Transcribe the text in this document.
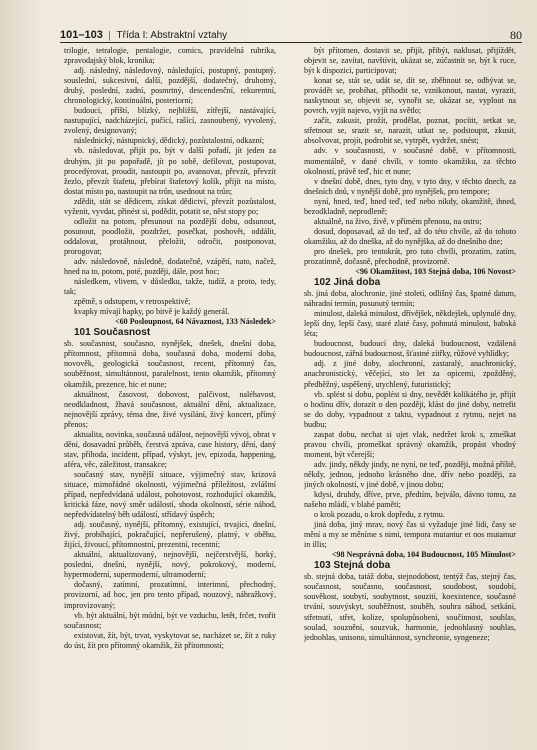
101–103 | Třída I: Abstraktní vztahy	80

trilogie, tetralogie, pentalogie, comics, pravidelná rubrika, zpravodajský blok, kronika;

adj. následný, následovný, následující, postupný, postupný, souslední, sukcesivní, další, pozdější, dodatečný, druhotný, druhý, poslední, zadní, posmrtný, descendenční, rekurentní, chronologický, kontinuální, posteriorní;

budoucí, příští, blízký, nejbližší, zítřejší, nastávající, nastupující, nadcházející, pučící, rašící, zasnoubený, vyvolený, zvolený, designovaný;

následnický, nástupnický, dědický, pozůstalostní, odkazní;

vb. následovat, přijít po, být v další pořadí, jít jeden za druhým, jít po popořadě, jít po sobě, defilovat, postupovat, procedýrovat, proudit, nastoupit po, avansovat, převzít, převzít žezlo, převzít štafetu, přebírat štafetový kolík, přijít na místo, dostat místo po, nastoupit na trůn, usednout na trůn;

zdědit, stát se dědicem, získat dědictví, převzít pozůstalost, vyženit, vyvdat, přinést si, podědit, potatit se, něst stopy po;

odložit na potom, přesunout na pozdější dobu, odsunout, posunout, poodložit, pozdržet, posečkat, poshovět, oddálit, oddalovat, protáhnout, přeložit, odročit, postponovat, prorogovat;

adv. následovně, následně, dodatečně, vzápětí, nato, načež, hned na to, potom, poté, později, dále, post hoc;

následkem, vlivem, v důsledku, takže, tudíž, a proto, tedy, tak;

zpětně, s odstupem, v retrospektivě;

kvapky mívají hapky, po bitvě je každý generál.

<60 Posloupnost, 64 Návaznost, 133 Následek>

101 Současnost

sb. současnost, současno, nynějšek, dnešek, dnešní doba, přítomnost, přítomná doba, současná doba, moderní doba, novověk, geologická současnost, recent, přítomný čas, souběžnost, simultánnost, paralelnost, tento okamžik, přítomný okamžik, prezence, hic et nune;

aktuálnost, časovost, dobovost, palčivost, naléhavost, neodkladnost, žhavá současnost, aktuální dění, aktualizace, nejnovější zprávy, téma dne, živé vysílání, živý koncert, přímý přenos;

aktualita, novinka, současná událost, nejnovější vývoj, obrat v dění, dosavadní průběh, čerstvá zpráva, case history, dění, daný stav, příhoda, incident, případ, výskyt, jev, epizoda, happening, aféra, věc, záležitost, transakce;

současný stav, nynější situace, výjimečný stav, krizová situace, mimořádné okolnosti, výjimečná příležitost, zvláštní případ, nepředvídaná událost, pohotovost, rozhodující okamžik, kritická fáze, nový směr událostí, shoda okolností, série náhod, nepředvídatelný běh událostí, střídavý úspěch;

adj. současný, nynější, přítomný, existující, trvající, dnešní, živý, probíhající, pokračující, nepřerušený, platný, v oběhu, žijící, živoucí, přítomnostní, prezentní, recentní;

aktuální, aktualizovaný, nejnovější, nejčerstvější, horký, poslední, dnešní, nynější, nový, pokrokový, moderní, hypermoderní, supermoderní, ultramoderní;

dočasný, zatímní, prozatímní, interimní, přechodný, provizorní, ad hoc, jen pro tento případ, nouzový, náhražkový, improvizovaný;

vb. být aktuální, být módní, být ve vzduchu, letět, frčet, tvořit současnost;

existovat, žít, být, trvat, vyskytovat se, nacházet se, žít z ruky do úst, žít pro přítomný okamžik, žít přítomností;

být přítomen, dostavit se, přijít, přibýt, naklusat, přijíždět, objevit se, zavítat, navštívit, ukázat se, zúčastnit se, být k ruce, být k dispozici, participovat;

konat se, stát se, udát se, dít se, zběhnout se, odbývat se, provádět se, probíhat, přihodit se, vznikonout, nastat, vyrazit, naskytnout se, objevit se, vynořit se, ukázat se, vyplout na povrch, vyjít najevo, vyjít na světlo;

začít, zakusit, prožít, prodělat, poznat, pocítit, setkat se, střetnout se, srazit se, narazit, utkat se, podstoupit, zkusit, absolvovat, projít, podrobit se, vytrpět, vydržet, snést;

adv. v současnosti, v současné době, v přítomnosti, momentálně, v dané chvíli, v tomto okamžiku, za těchto okolností, právě teď, hic et nune;

v dnešní době, dnes, tyto dny, v tyto dny, v těchto dnech, za dnešních dnů, v nynější době, pro nynějšek, pro tempore;

nyní, hned, teď, hned teď, teď nebo nikdy, okamžitě, ihned, bezodkladně, neprodleně;

aktuálně, na živo, živě, v přímém přenosu, na ostro;

dosud, doposavad, až do teď, až do této chvíle, až do tohoto okamžiku, až do dneška, až do nynějška, až do dnešního dne;

pro dnešek, pro tentokrát, pro tuto chvíli, prozatím, zatím, prozatímně, dočasně, přechodně, provizorně.

<96 Okamžitost, 103 Stejná doba, 106 Novost>

102 Jiná doba

sb. jiná doba, alochronie, jiné století, odlišný čas, špatné datum, náhradní termín, posunutý termín;

minulost, daleká minulost, dřívějšek, někdejšek, uplynulé dny, lepší dny, lepší časy, staré zlaté časy, pohnutá minulost, babská léta;

budoucnost, budoucí dny, daleká budoucnost, vzdálená budoucnost, zářná budoucnost, šťastné zítřky, růžové vyhlídky;

adj. z jiné doby, alochronní, zastaralý, anachronický, anachronistický, věčející, sto let za opicemi, zpožděný, předběžný, uspěšený, utychlený, futuristický;

vb. splést si dobu, poplést si dny, nevědět kolikátého je, přijít o hodinu dřív, dorazit o den později, klást do jiné doby, netrefit se do doby, vypadnout z taktu, vypadnout z rytmu, nejet na budbu;

zaspat dobu, nechat si ujet vlak, nedržet krok s, zmeškat pravou chvíli, promeškat správný okamžik, propást vhodný moment, být včerejší;

adv. jindy, někdy jindy, ne nyní, ne teď, později, možná příště, někdy, jednou, jednoho krásného dne, dřív nebo později, za jiných okolností, v jiné době, v jinou dobu;

kdysi, druhdy, dříve, prve, předtím, bejválo, dávno tomu, za našeho mládí, v blahé paměti;

o krok pozadu, o krok dopředu, z rytmu.

jiná doba, jiný mrav, nový čas si vyžaduje jiné lidi, časy se mění a my se měníme s nimi, tempora mutantur et nos mutamur in illis;

<98 Nesprávná doba, 104 Budoucnost, 105 Minulost>

103 Stejná doba

sb. stejná doba, tatáž doba, stejnodobost, tentýž čas, stejný čas, současnost, současno, současnost, soudobost, soudobí, souvěkost, soubytí, soubytnost, souzití, koexistence, současné trvání, souvýskyt, souběžnost, souběh, souhra náhod, setkání, střetnutí, střet, kolize, spolupůsobení, součinnost, souhlas, soulad, souznění, souzvuk, harmonie, jednohlasný souhlas, jednohlas, unisono, simultánnost, synchronie, syngeneze;
